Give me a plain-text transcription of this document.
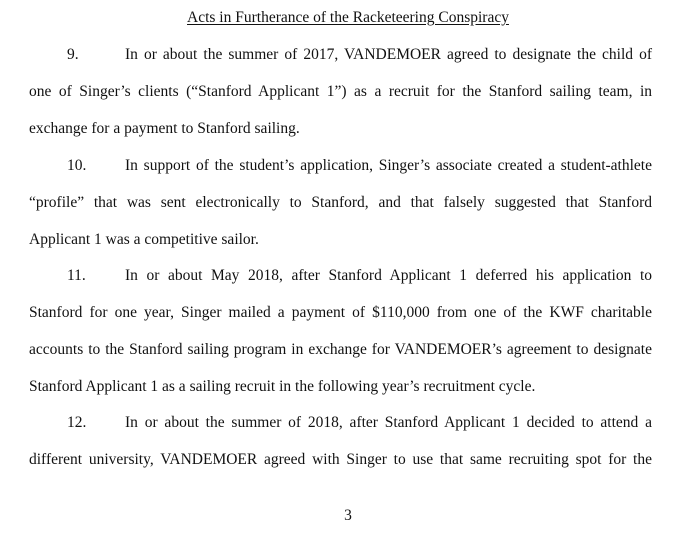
Acts in Furtherance of the Racketeering Conspiracy
9.	In or about the summer of 2017, VANDEMOER agreed to designate the child of
one of Singer’s clients (“Stanford Applicant 1”) as a recruit for the Stanford sailing team, in
exchange for a payment to Stanford sailing.
10. In support of the student’s application, Singer’s associate created a student-athlete
“profile” that was sent electronically to Stanford, and that falsely suggested that Stanford
Applicant 1 was a competitive sailor.
11.	In or about May 2018, after Stanford Applicant 1 deferred his application to
Stanford for one year, Singer mailed a payment of $110,000 from one of the KWF charitable
accounts to the Stanford sailing program in exchange for VANDEMOER’s agreement to designate
Stanford Applicant 1 as a sailing recruit in the following year’s recruitment cycle.
12. In or about the summer of 2018, after Stanford Applicant 1 decided to attend a
different university, VANDEMOER agreed with Singer to use that same recruiting spot for the
3
